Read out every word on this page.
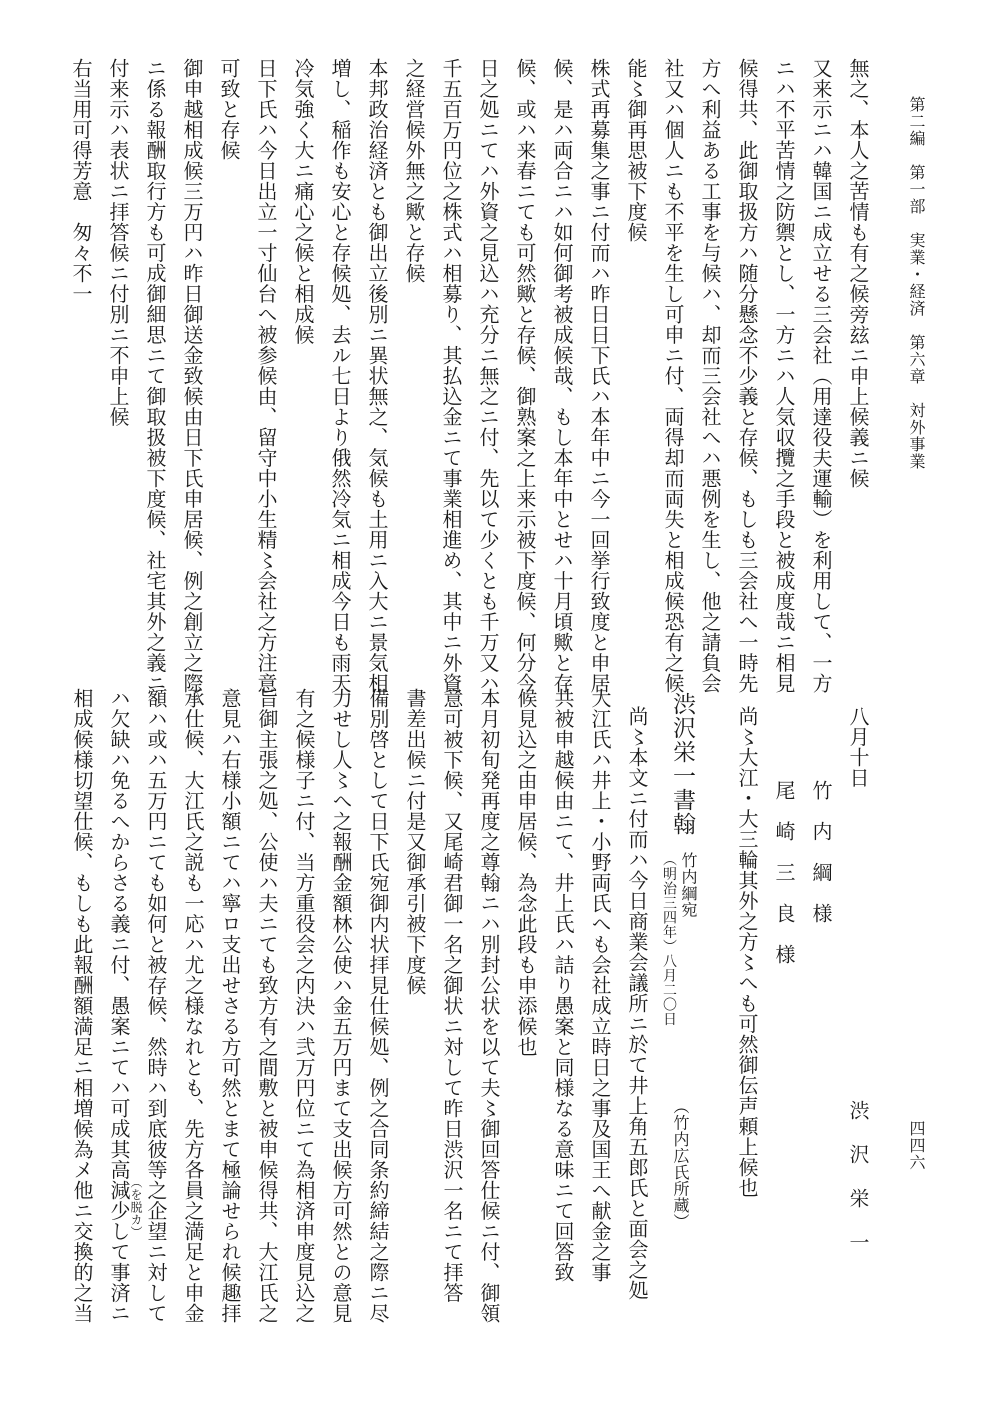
第二編　第一部　実業・経済　第六章　対外事業
四四六
無之、本人之苦情も有之候旁玆ニ申上候義ニ候
又来示ニハ韓国ニ成立せる三会社（用達役夫運輸）を利用して、一方
ニハ不平苦情之防禦とし、一方ニハ人気収攬之手段と被成度哉ニ相見
候得共、此御取扱方ハ随分懸念不少義と存候、もしも三会社へ一時先
方へ利益ある工事を与候ハ、却而三会社へハ悪例を生し、他之請負会
社又ハ個人ニも不平を生し可申ニ付、両得却而両失と相成候恐有之候
能〻御再思被下度候
株式再募集之事ニ付而ハ昨日日下氏ハ本年中ニ今一回挙行致度と申居
候、是ハ両合ニハ如何御考被成候哉、もし本年中とせハ十月頃歟と存
候、或ハ来春ニても可然歟と存候、御熟案之上来示被下度候、何分今
日之処ニてハ外資之見込ハ充分ニ無之ニ付、先以て少くとも千万又ハ
千五百万円位之株式ハ相募り、其払込金ニて事業相進め、其中ニ外資
之経営候外無之歟と存候
本邦政治経済とも御出立後別ニ異状無之、気候も土用ニ入大ニ景気相
増し、稲作も安心と存候処、去ル七日より俄然冷気ニ相成今日も雨天
冷気強く大ニ痛心之候と相成候
日下氏ハ今日出立一寸仙台へ被参候由、留守中小生精〻会社之方注意
可致と存候
御申越相成候三万円ハ昨日御送金致候由日下氏申居候、例之創立之際
ニ係る報酬取行方も可成御細思ニて御取扱被下度候、社宅其外之義ニ
付来示ハ表状ニ拝答候ニ付別ニ不申上候
右当用可得芳意　匆々不一
八月十日
渋　沢　栄　一
竹　内　綱　様
尾　崎　三　良　様
尚〻大江・大三輪其外之方〻へも可然御伝声頼上候也
渋沢栄一書翰
竹内綱宛
（明治三四年）八月二〇日
（竹内広氏所蔵）
尚〻本文ニ付而ハ今日商業会議所ニ於て井上角五郎氏と面会之処
大江氏ハ井上・小野両氏へも会社成立時日之事及国王へ献金之事
共被申越候由ニて、井上氏ハ詰り愚案と同様なる意味ニて回答致
候見込之由申居候、為念此段も申添候也
本月初旬発再度之尊翰ニハ別封公状を以て夫〻御回答仕候ニ付、御領
意可被下候、又尾崎君御一名之御状ニ対して昨日渋沢一名ニて拝答
書差出候ニ付是又御承引被下度候
備別啓として日下氏宛御内状拝見仕候処、例之合同条約締結之際ニ尽
力せし人〻へ之報酬金額林公使ハ金五万円まて支出候方可然との意見
有之候様子ニ付、当方重役会之内決ハ弐万円位ニて為相済申度見込之
旨御主張之処、公使ハ夫ニても致方有之間敷と被申候得共、大江氏之
意見ハ右様小額ニてハ寧ロ支出せさる方可然とまて極論せられ候趣拝
承仕候、大江氏之説も一応ハ尤之様なれとも、先方各員之満足と申金
額ハ或ハ五万円ニても如何と被存候、然時ハ到底彼等之企望ニ対して
ハ欠缺ハ免るへからさる義ニ付、愚案ニてハ可成其高減少して事済ニ
相成候様切望仕候、もしも此報酬額満足ニ相増候為メ他ニ交換的之当	（を脱カ）
